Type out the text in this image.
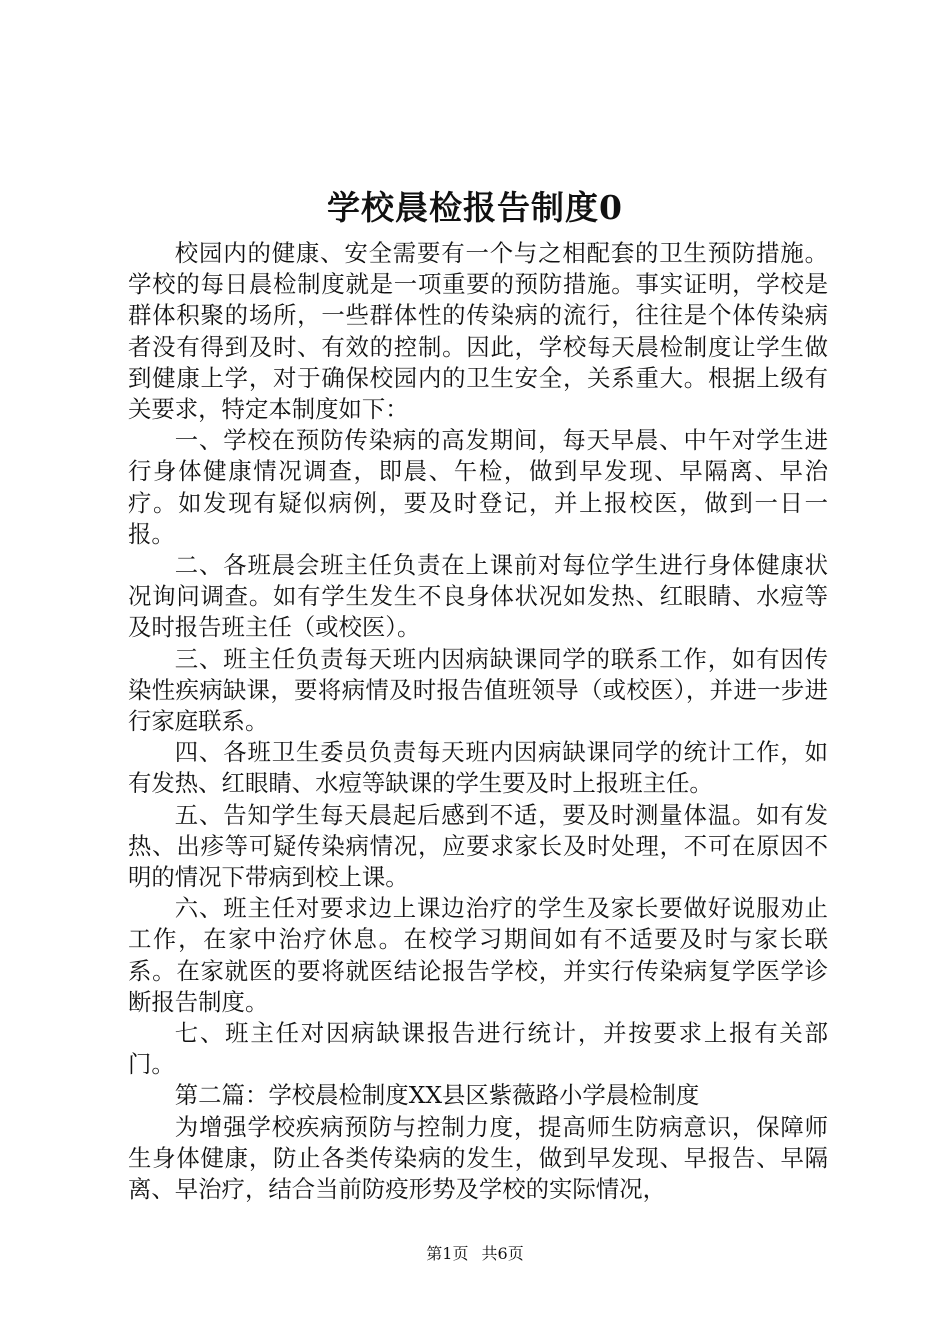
学校晨检报告制度0

校园内的健康、安全需要有一个与之相配套的卫生预防措施。学校的每日晨检制度就是一项重要的预防措施。事实证明，学校是群体积聚的场所，一些群体性的传染病的流行，往往是个体传染病者没有得到及时、有效的控制。因此，学校每天晨检制度让学生做到健康上学，对于确保校园内的卫生安全，关系重大。根据上级有关要求，特定本制度如下：

一、学校在预防传染病的高发期间，每天早晨、中午对学生进行身体健康情况调查，即晨、午检，做到早发现、早隔离、早治疗。如发现有疑似病例，要及时登记，并上报校医，做到一日一报。

二、各班晨会班主任负责在上课前对每位学生进行身体健康状况询问调查。如有学生发生不良身体状况如发热、红眼睛、水痘等及时报告班主任（或校医）。

三、班主任负责每天班内因病缺课同学的联系工作，如有因传染性疾病缺课，要将病情及时报告值班领导（或校医），并进一步进行家庭联系。

四、各班卫生委员负责每天班内因病缺课同学的统计工作，如有发热、红眼睛、水痘等缺课的学生要及时上报班主任。

五、告知学生每天晨起后感到不适，要及时测量体温。如有发热、出疹等可疑传染病情况，应要求家长及时处理，不可在原因不明的情况下带病到校上课。

六、班主任对要求边上课边治疗的学生及家长要做好说服劝止工作，在家中治疗休息。在校学习期间如有不适要及时与家长联系。在家就医的要将就医结论报告学校，并实行传染病复学医学诊断报告制度。

七、班主任对因病缺课报告进行统计，并按要求上报有关部门。

第二篇：学校晨检制度XX县区紫薇路小学晨检制度

为增强学校疾病预防与控制力度，提高师生防病意识，保障师生身体健康，防止各类传染病的发生，做到早发现、早报告、早隔离、早治疗，结合当前防疫形势及学校的实际情况，

第1页 共6页
